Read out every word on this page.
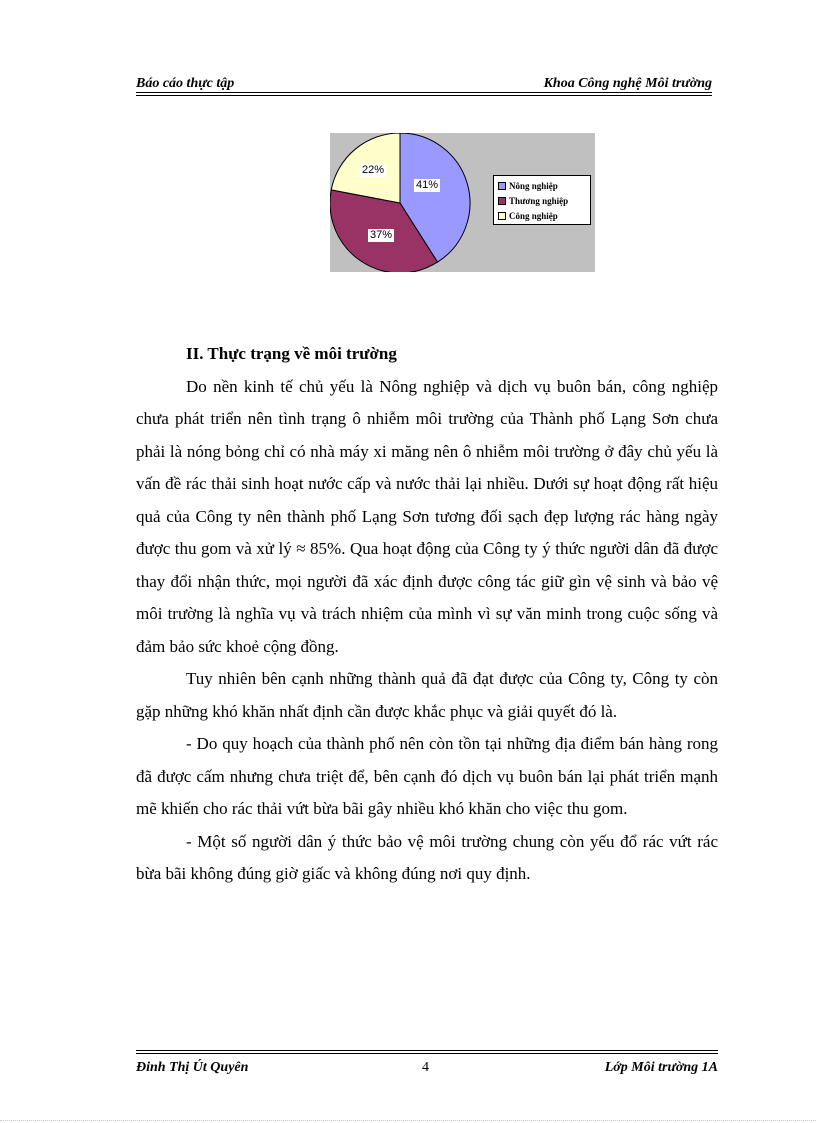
Báo cáo thực tập	Khoa Công nghệ Môi trường
Nông nghiệp
Thương nghiệp
Công nghiệp
41%
37%
22%
II. Thực trạng về môi trường

Do nền kinh tế chủ yếu là Nông nghiệp và dịch vụ buôn bán, công nghiệp chưa phát triển nên tình trạng ô nhiễm môi trường của Thành phố Lạng Sơn chưa phải là nóng bỏng chỉ có nhà máy xi măng nên ô nhiễm môi trường ở đây chủ yếu là vấn đề rác thải sinh hoạt nước cấp và nước thải lại nhiều. Dưới sự hoạt động rất hiệu quả của Công ty nên thành phố Lạng Sơn tương đối sạch đẹp lượng rác hàng ngày được thu gom và xử lý ≈ 85%. Qua hoạt động của Công ty ý thức người dân đã được thay đổi nhận thức, mọi người đã xác định được công tác giữ gìn vệ sinh và bảo vệ môi trường là nghĩa vụ và trách nhiệm của mình vì sự văn minh trong cuộc sống và đảm bảo sức khoẻ cộng đồng.

Tuy nhiên bên cạnh những thành quả đã đạt được của Công ty, Công ty còn gặp những khó khăn nhất định cần được khắc phục và giải quyết đó là.

- Do quy hoạch của thành phố nên còn tồn tại những địa điểm bán hàng rong đã được cấm nhưng chưa triệt để, bên cạnh đó dịch vụ buôn bán lại phát triển mạnh mẽ khiến cho rác thải vứt bừa bãi gây nhiều khó khăn cho việc thu gom.

- Một số người dân ý thức bảo vệ môi trường chung còn yếu đổ rác vứt rác bừa bãi không đúng giờ giấc và không đúng nơi quy định.

Đinh Thị Út Quyên	4	Lớp Môi trường 1A
